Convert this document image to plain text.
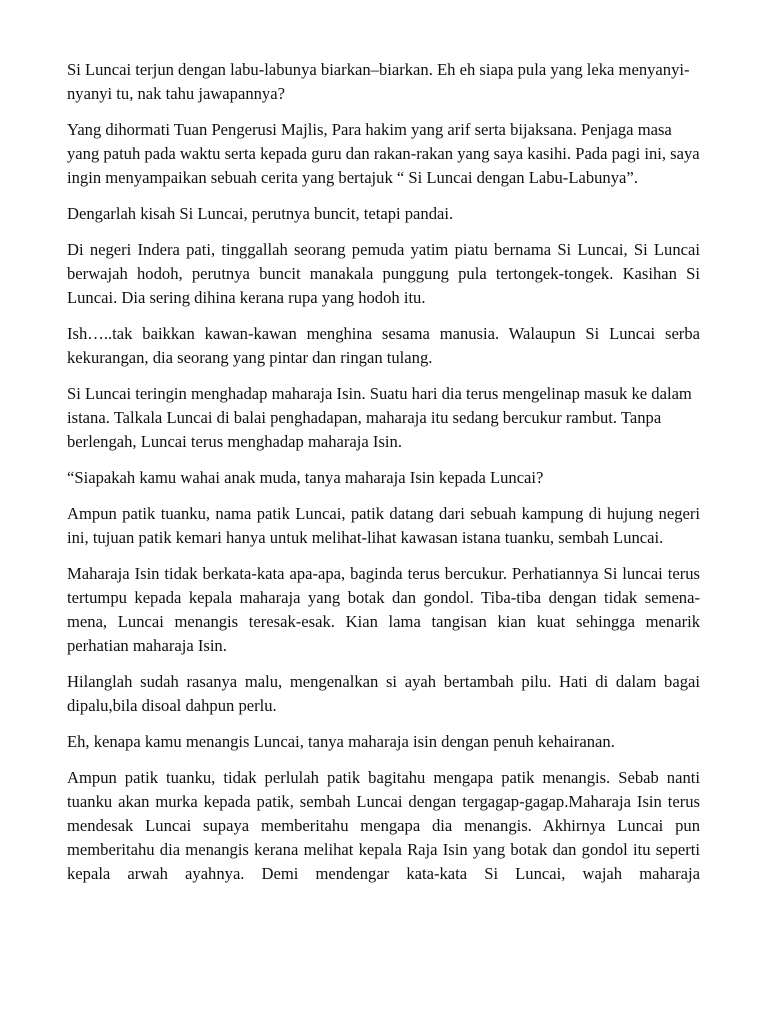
Si Luncai terjun dengan labu-labunya biarkan–biarkan. Eh eh siapa pula yang leka menyanyi-nyanyi tu, nak tahu jawapannya?

Yang dihormati Tuan Pengerusi Majlis, Para hakim yang arif serta bijaksana. Penjaga masa yang patuh pada waktu serta kepada guru dan rakan-rakan yang saya kasihi. Pada pagi ini, saya ingin menyampaikan sebuah cerita yang bertajuk “ Si Luncai dengan Labu-Labunya”.

Dengarlah kisah Si Luncai, perutnya buncit, tetapi pandai.

Di negeri Indera pati, tinggallah seorang pemuda yatim piatu bernama Si Luncai, Si Luncai berwajah hodoh, perutnya buncit manakala punggung pula tertongek-tongek. Kasihan Si Luncai. Dia sering dihina kerana rupa yang hodoh itu.

Ish…..tak baikkan kawan-kawan menghina sesama manusia. Walaupun Si Luncai serba kekurangan, dia seorang yang pintar dan ringan tulang.

Si Luncai teringin menghadap maharaja Isin. Suatu hari dia terus mengelinap masuk ke dalam istana. Talkala Luncai di balai penghadapan, maharaja itu sedang bercukur rambut. Tanpa berlengah, Luncai terus menghadap maharaja Isin.

“Siapakah kamu wahai anak muda, tanya maharaja Isin kepada Luncai?

Ampun patik tuanku, nama patik Luncai, patik datang dari sebuah kampung di hujung negeri ini, tujuan patik kemari hanya untuk melihat-lihat kawasan istana tuanku, sembah Luncai.

Maharaja Isin tidak berkata-kata apa-apa, baginda terus bercukur. Perhatiannya Si luncai terus tertumpu kepada kepala maharaja yang botak dan gondol. Tiba-tiba dengan tidak semena-mena, Luncai menangis teresak-esak. Kian lama tangisan kian kuat sehingga menarik perhatian maharaja Isin.

Hilanglah sudah rasanya malu, mengenalkan si ayah bertambah pilu. Hati di dalam bagai dipalu,bila disoal dahpun perlu.

Eh, kenapa kamu menangis Luncai, tanya maharaja isin dengan penuh kehairanan.

Ampun patik tuanku, tidak perlulah patik bagitahu mengapa patik menangis. Sebab nanti tuanku akan murka kepada patik, sembah Luncai dengan tergagap-gagap.Maharaja Isin terus mendesak Luncai supaya memberitahu mengapa dia menangis. Akhirnya Luncai pun memberitahu dia menangis kerana melihat kepala Raja Isin yang botak dan gondol itu seperti kepala arwah ayahnya. Demi mendengar kata-kata Si Luncai, wajah maharaja
